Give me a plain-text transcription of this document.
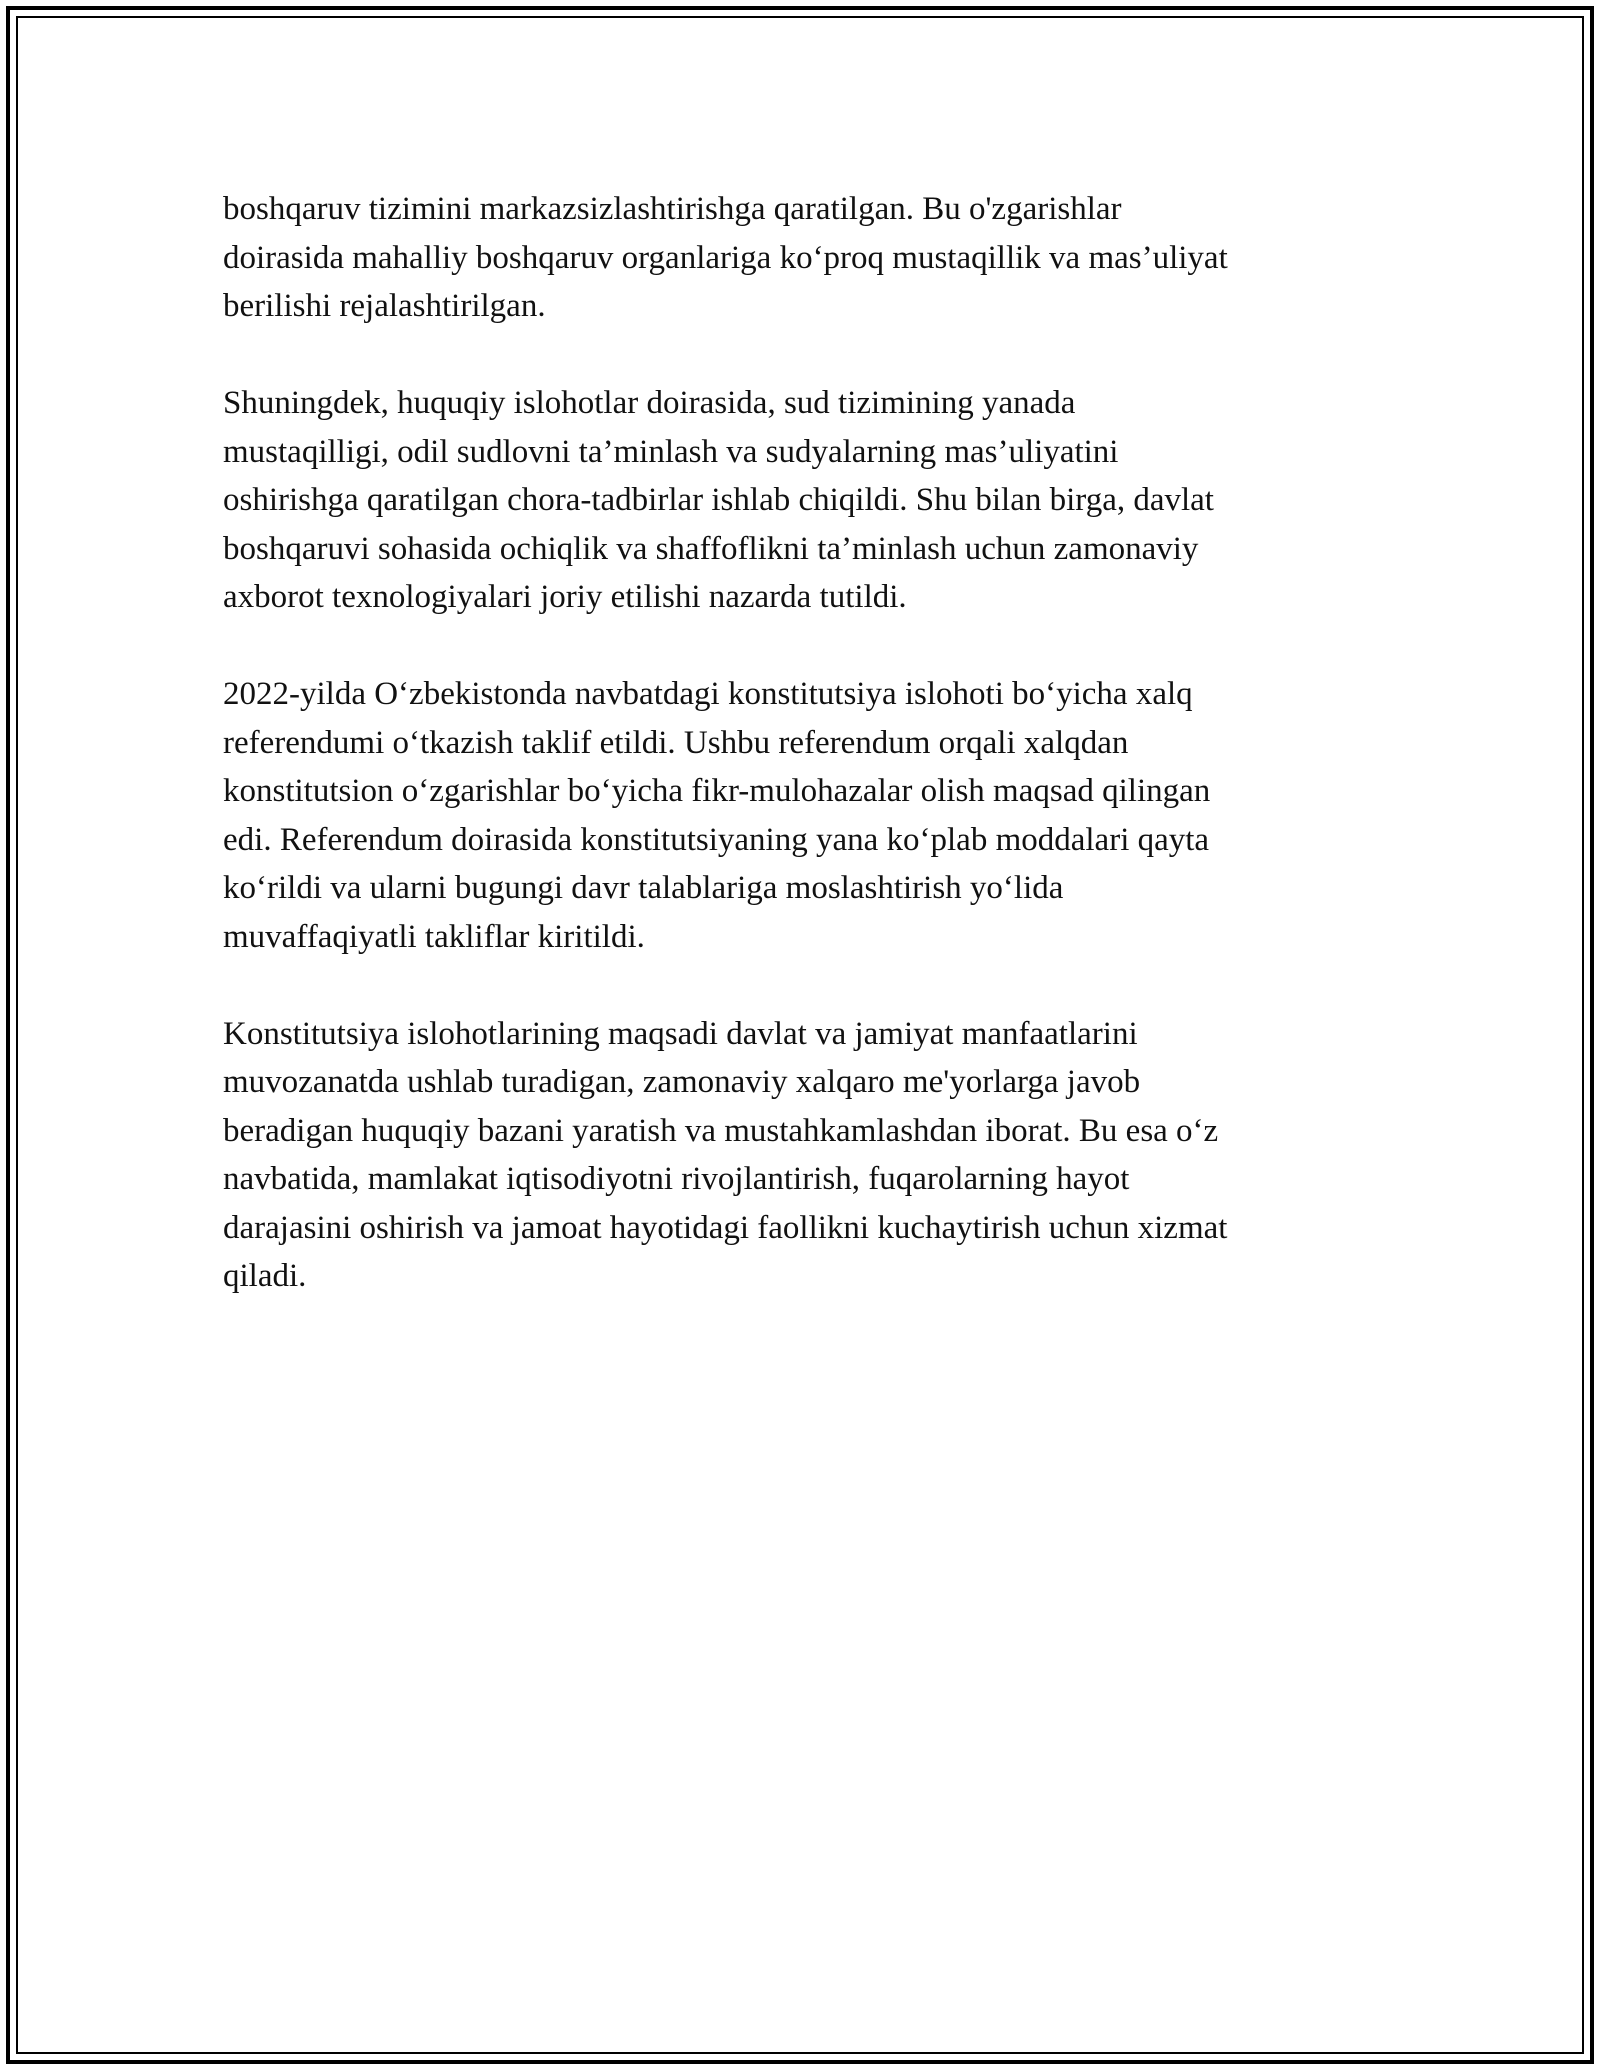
boshqaruv tizimini markazsizlashtirishga qaratilgan. Bu o'zgarishlar
doirasida mahalliy boshqaruv organlariga ko‘proq mustaqillik va mas’uliyat
berilishi rejalashtirilgan.

Shuningdek, huquqiy islohotlar doirasida, sud tizimining yanada
mustaqilligi, odil sudlovni ta’minlash va sudyalarning mas’uliyatini
oshirishga qaratilgan chora-tadbirlar ishlab chiqildi. Shu bilan birga, davlat
boshqaruvi sohasida ochiqlik va shaffoflikni ta’minlash uchun zamonaviy
axborot texnologiyalari joriy etilishi nazarda tutildi.

2022-yilda O‘zbekistonda navbatdagi konstitutsiya islohoti bo‘yicha xalq
referendumi o‘tkazish taklif etildi. Ushbu referendum orqali xalqdan
konstitutsion o‘zgarishlar bo‘yicha fikr-mulohazalar olish maqsad qilingan
edi. Referendum doirasida konstitutsiyaning yana ko‘plab moddalari qayta
ko‘rildi va ularni bugungi davr talablariga moslashtirish yo‘lida
muvaffaqiyatli takliflar kiritildi.

Konstitutsiya islohotlarining maqsadi davlat va jamiyat manfaatlarini
muvozanatda ushlab turadigan, zamonaviy xalqaro me'yorlarga javob
beradigan huquqiy bazani yaratish va mustahkamlashdan iborat. Bu esa o‘z
navbatida, mamlakat iqtisodiyotni rivojlantirish, fuqarolarning hayot
darajasini oshirish va jamoat hayotidagi faollikni kuchaytirish uchun xizmat
qiladi.
